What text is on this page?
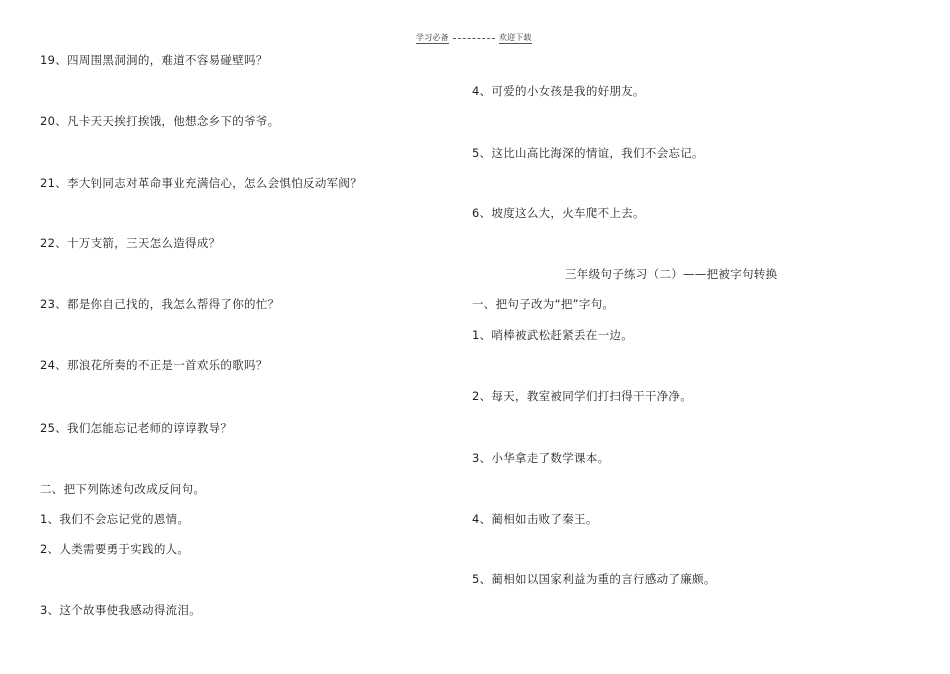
学习必备	欢迎下载
19、四周围黑洞洞的，难道不容易碰壁吗？
20、凡卡天天挨打挨饿，他想念乡下的爷爷。
21、李大钊同志对革命事业充满信心，怎么会惧怕反动军阀？
22、十万支箭，三天怎么造得成？
23、都是你自己找的，我怎么帮得了你的忙？
24、那浪花所奏的不正是一首欢乐的歌吗？
25、我们怎能忘记老师的谆谆教导？
二、把下列陈述句改成反问句。
1、我们不会忘记党的恩情。
2、人类需要勇于实践的人。
3、这个故事使我感动得流泪。
4、可爱的小女孩是我的好朋友。
5、这比山高比海深的情谊，我们不会忘记。
6、坡度这么大，火车爬不上去。
三年级句子练习（二）——把被字句转换
一、把句子改为“把”字句。
1、哨棒被武松赶紧丢在一边。
2、每天，教室被同学们打扫得干干净净。
3、小华拿走了数学课本。
4、蔺相如击败了秦王。
5、蔺相如以国家利益为重的言行感动了廉颇。
